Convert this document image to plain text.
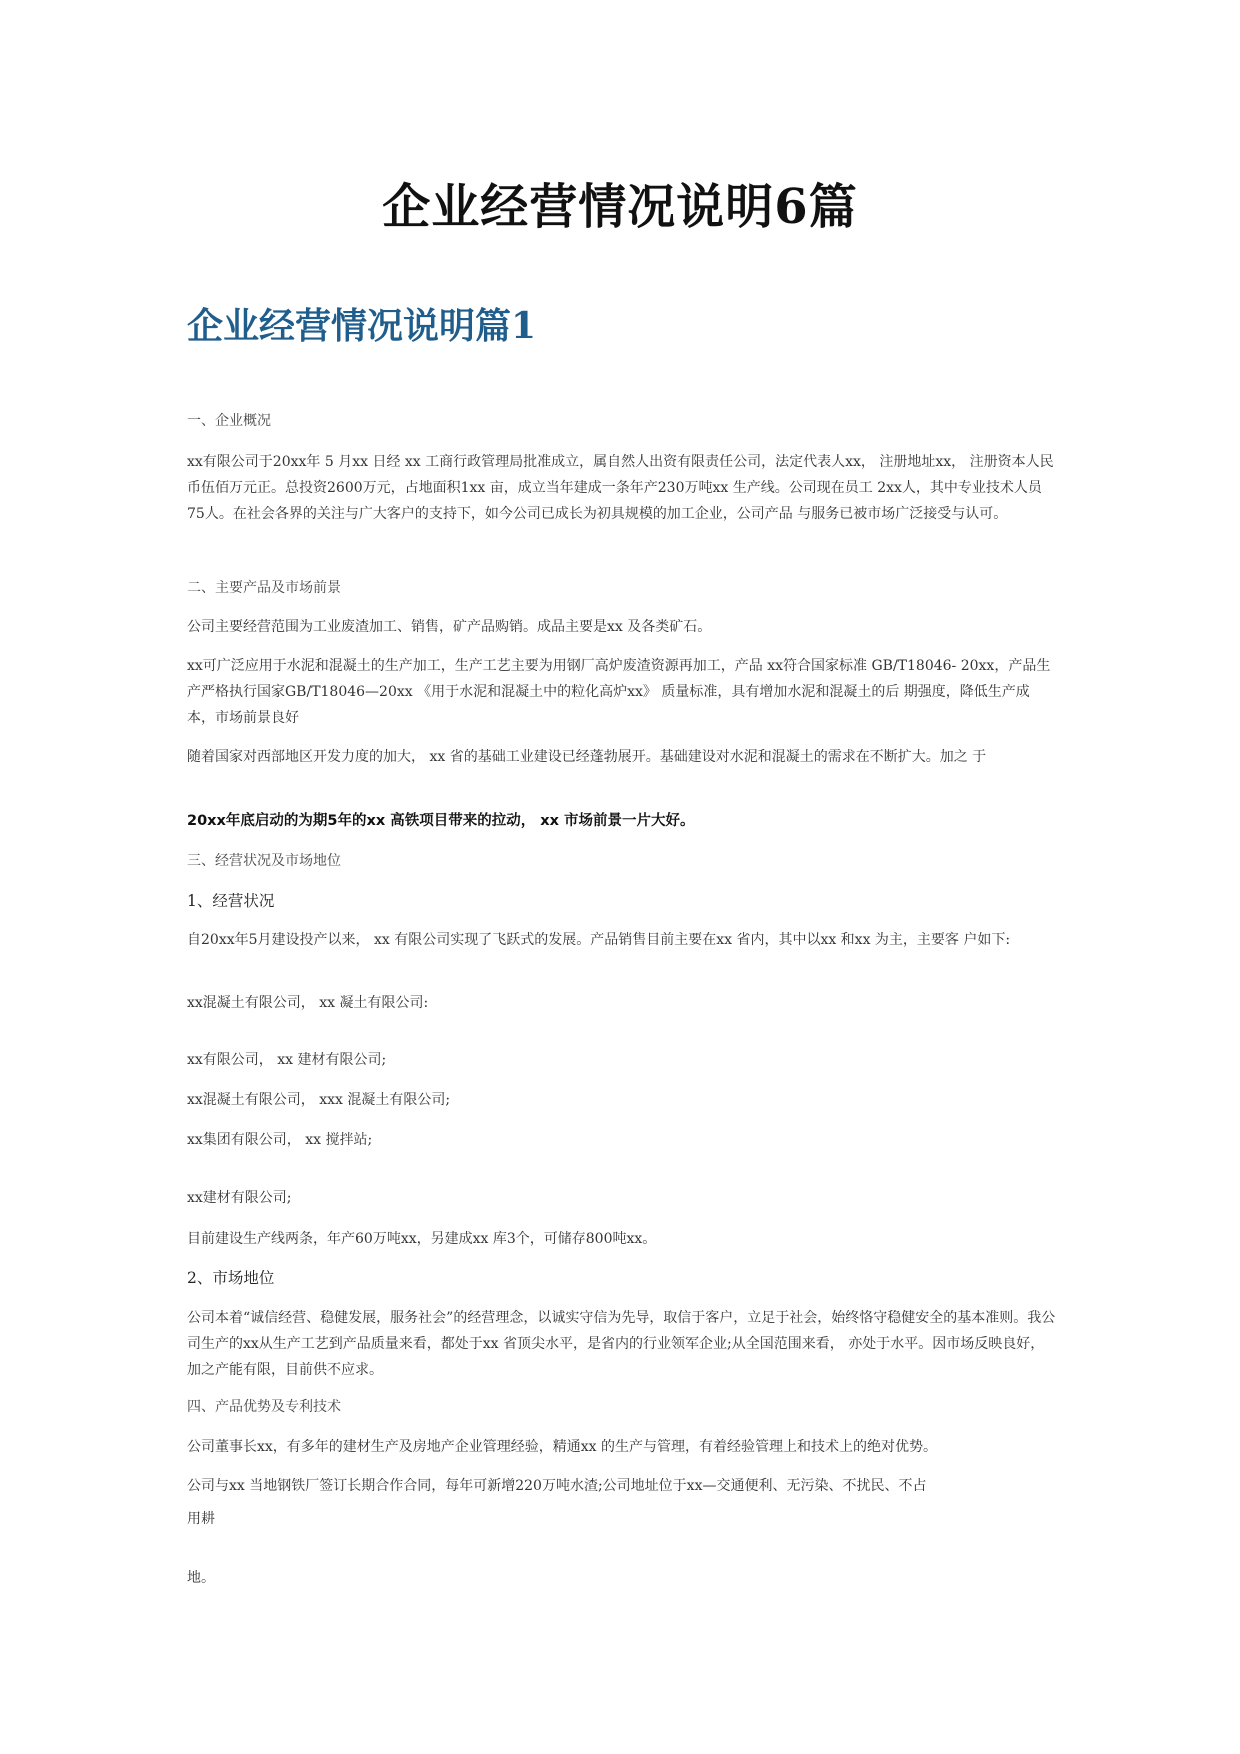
企业经营情况说明6篇
企业经营情况说明篇1

一、企业概况

xx有限公司于20xx年 5 月xx 日经 xx 工商行政管理局批准成立，属自然人出资有限责任公司，法定代表人xx， 注册地址xx， 注册资本人民币伍佰万元正。总投资2600万元，占地面积1xx 亩，成立当年建成一条年产230万吨xx 生产线。公司现在员工 2xx人，其中专业技术人员75人。在社会各界的关注与广大客户的支持下，如今公司已成长为初具规模的加工企业，公司产品 与服务已被市场广泛接受与认可。

二、主要产品及市场前景

公司主要经营范围为工业废渣加工、销售，矿产品购销。成品主要是xx 及各类矿石。

xx可广泛应用于水泥和混凝土的生产加工，生产工艺主要为用钢厂高炉废渣资源再加工，产品 xx符合国家标准 GB/T18046- 20xx，产品生产严格执行国家GB/T18046—20xx 《用于水泥和混凝土中的粒化高炉xx》 质量标准，具有增加水泥和混凝土的后 期强度，降低生产成本，市场前景良好

随着国家对西部地区开发力度的加大， xx 省的基础工业建设已经蓬勃展开。基础建设对水泥和混凝土的需求在不断扩大。加之 于

20xx年底启动的为期5年的xx 高铁项目带来的拉动， xx 市场前景一片大好。

三、经营状况及市场地位

1、经营状况

自20xx年5月建设投产以来， xx 有限公司实现了飞跃式的发展。产品销售目前主要在xx 省内，其中以xx 和xx 为主，主要客 户如下:

xx混凝土有限公司， xx 凝土有限公司:

xx有限公司， xx 建材有限公司;

xx混凝土有限公司， xxx 混凝土有限公司;

xx集团有限公司， xx 搅拌站;

xx建材有限公司;

目前建设生产线两条，年产60万吨xx，另建成xx 库3个，可储存800吨xx。

2、市场地位

公司本着“诚信经营、稳健发展，服务社会”的经营理念，以诚实守信为先导，取信于客户，立足于社会，始终恪守稳健安全的基本准则。我公司生产的xx从生产工艺到产品质量来看，都处于xx 省顶尖水平，是省内的行业领军企业;从全国范围来看， 亦处于水平。因市场反映良好，加之产能有限，目前供不应求。

四、产品优势及专利技术

公司董事长xx，有多年的建材生产及房地产企业管理经验，精通xx 的生产与管理，有着经验管理上和技术上的绝对优势。

公司与xx 当地钢铁厂签订长期合作合同，每年可新增220万吨水渣;公司地址位于xx—交通便利、无污染、不扰民、不占

用耕

地。
